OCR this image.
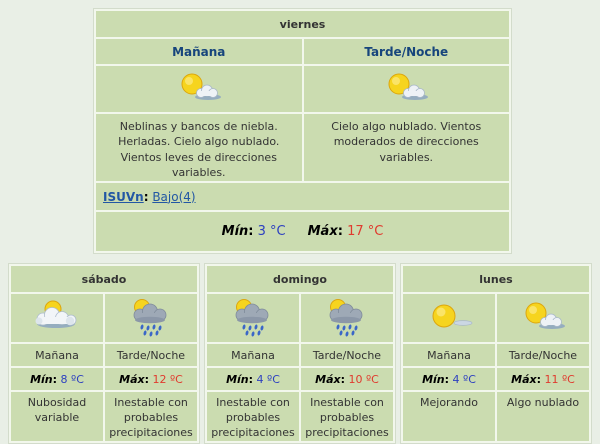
viernes	
Mañana	Tarde/Noche

Neblinas y bancos de niebla. Herladas. Cielo algo nublado. Vientos leves de direcciones variables.	Cielo algo nublado. Vientos moderados de direcciones variables.
ISUVn: Bajo(4)	
Mín: 3 °C Máx: 17 °C	
sábado	

Mañana	Tarde/Noche
Mín: 8 ºC	Máx: 12 ºC
Nubosidad variable	Inestable con probables precipitaciones
domingo	

Mañana	Tarde/Noche
Mín: 4 ºC	Máx: 10 ºC
Inestable con probables precipitaciones	Inestable con probables precipitaciones
lunes	

Mañana	Tarde/Noche
Mín: 4 ºC	Máx: 11 ºC
Mejorando	Algo nublado
